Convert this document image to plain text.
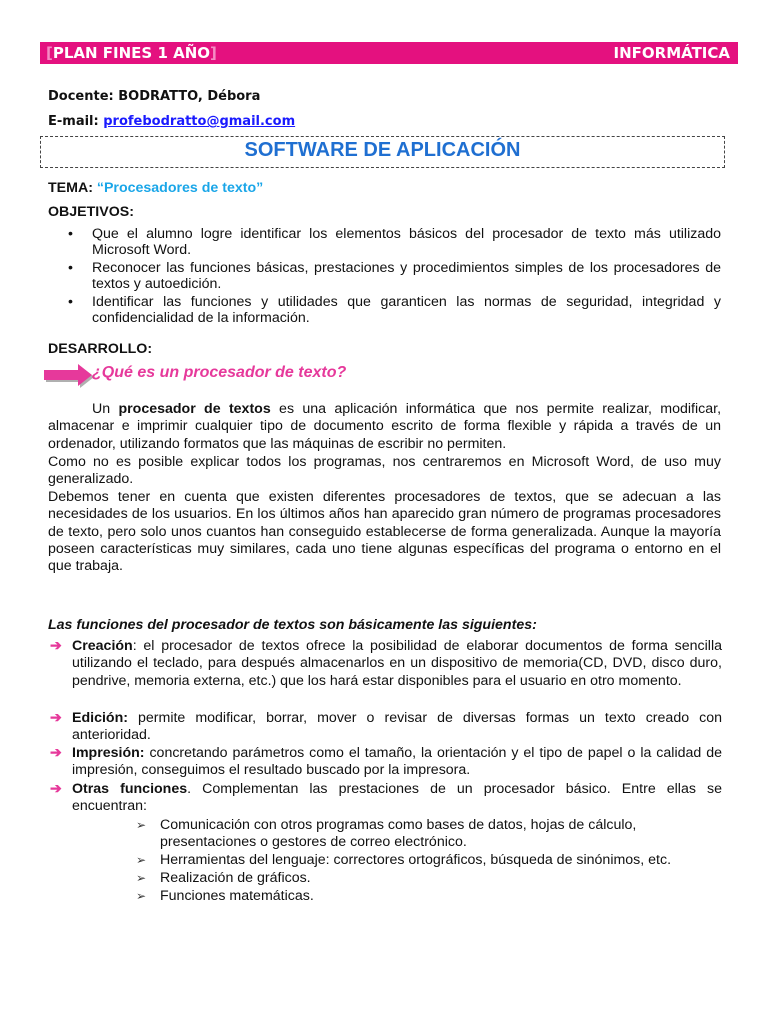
[PLAN FINES 1 AÑO]	INFORMÁTICA
Docente: BODRATTO, Débora
E-mail: profebodratto@gmail.com
SOFTWARE DE APLICACIÓN
TEMA: “Procesadores de texto”
OBJETIVOS:
• Que el alumno logre identificar los elementos básicos del procesador de texto más utilizado Microsoft Word.
• Reconocer las funciones básicas, prestaciones y procedimientos simples de los procesadores de textos y autoedición.
• Identificar las funciones y utilidades que garanticen las normas de seguridad, integridad y confidencialidad de la información.
DESARROLLO:
¿Qué es un procesador de texto?
Un procesador de textos es una aplicación informática que nos permite realizar, modificar, almacenar e imprimir cualquier tipo de documento escrito de forma flexible y rápida a través de un ordenador, utilizando formatos que las máquinas de escribir no permiten.
Como no es posible explicar todos los programas, nos centraremos en Microsoft Word, de uso muy generalizado.
Debemos tener en cuenta que existen diferentes procesadores de textos, que se adecuan a las necesidades de los usuarios. En los últimos años han aparecido gran número de programas procesadores de texto, pero solo unos cuantos han conseguido establecerse de forma generalizada. Aunque la mayoría poseen características muy similares, cada uno tiene algunas específicas del programa o entorno en el que trabaja.
Las funciones del procesador de textos son básicamente las siguientes:
➔ Creación: el procesador de textos ofrece la posibilidad de elaborar documentos de forma sencilla utilizando el teclado, para después almacenarlos en un dispositivo de memoria(CD, DVD, disco duro, pendrive, memoria externa, etc.) que los hará estar disponibles para el usuario en otro momento.
➔ Edición: permite modificar, borrar, mover o revisar de diversas formas un texto creado con anterioridad.
➔ Impresión: concretando parámetros como el tamaño, la orientación y el tipo de papel o la calidad de impresión, conseguimos el resultado buscado por la impresora.
➔ Otras funciones. Complementan las prestaciones de un procesador básico. Entre ellas se encuentran:
➢ Comunicación con otros programas como bases de datos, hojas de cálculo, presentaciones o gestores de correo electrónico.
➢ Herramientas del lenguaje: correctores ortográficos, búsqueda de sinónimos, etc.
➢ Realización de gráficos.
➢ Funciones matemáticas.
